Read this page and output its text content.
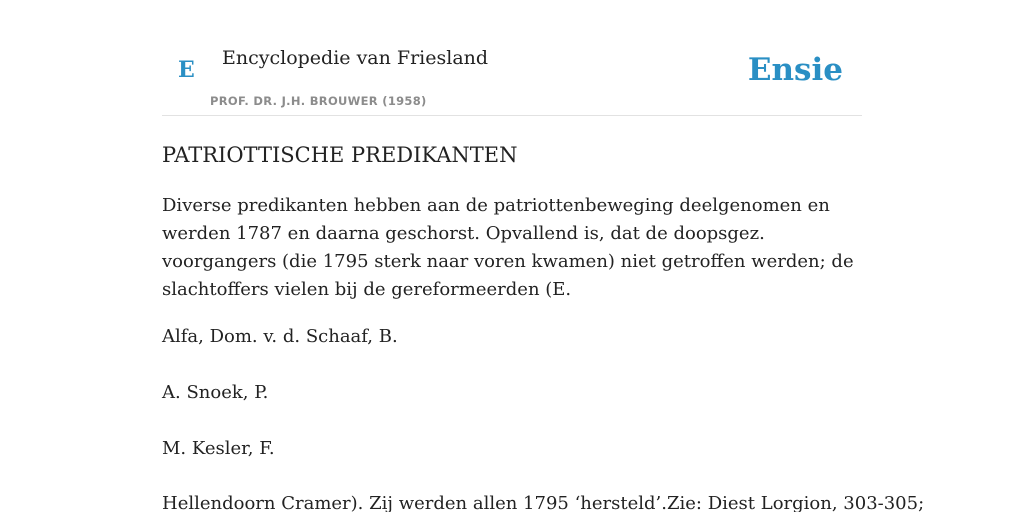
E Encyclopedie van Friesland
PROF. DR. J.H. BROUWER (1958)
Ensie
PATRIOTTISCHE PREDIKANTEN

Diverse predikanten hebben aan de patriottenbeweging deelgenomen en werden 1787 en daarna geschorst. Opvallend is, dat de doopsgez. voorgangers (die 1795 sterk naar voren kwamen) niet getroffen werden; de slachtoffers vielen bij de gereformeerden (E.

Alfa, Dom. v. d. Schaaf, B.

A. Snoek, P.

M. Kesler, F.

Hellendoorn Cramer). Zij werden allen 1795 ‘hersteld’.Zie: Diest Lorgion, 303-305;
